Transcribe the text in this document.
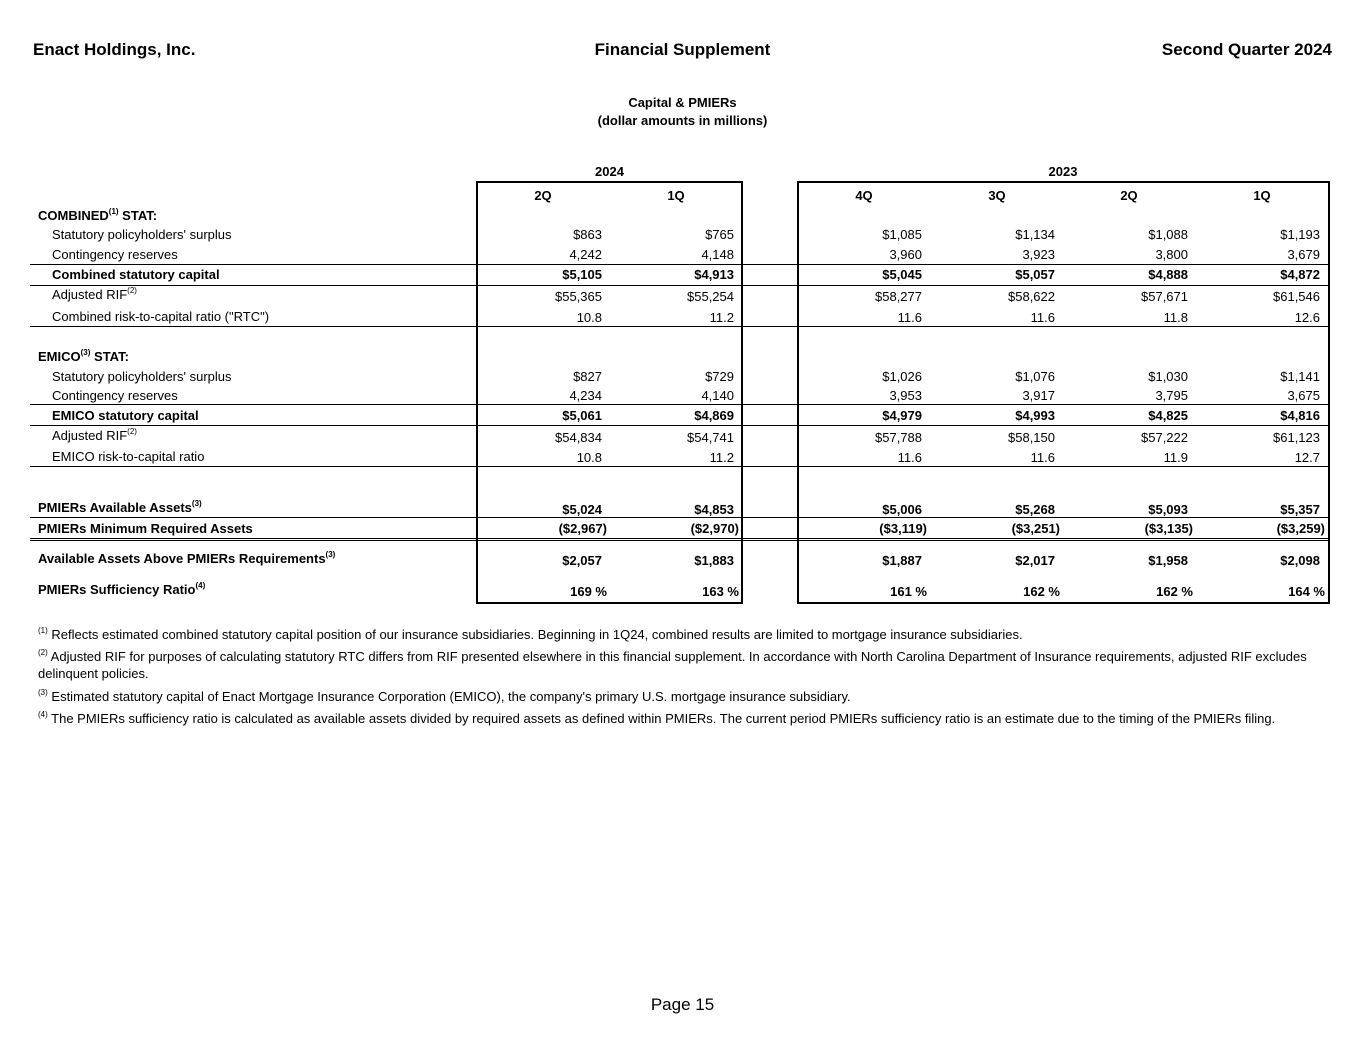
Enact Holdings, Inc.	Financial Supplement	Second Quarter 2024
Capital & PMIERs
(dollar amounts in millions)
2024	2023
2Q	1Q	4Q	3Q	2Q	1Q
COMBINED$^{(1)}$ STAT:
EMICO$^{(3)}$ STAT:
Statutory policyholders' surplus	$863	$765	$1,085	$1,134	$1,088	$1,193
Contingency reserves	4,242	4,148	3,960	3,923	3,800	3,679
Combined statutory capital	$5,105	$4,913	$5,045	$5,057	$4,888	$4,872
Adjusted RIF$^{(2)}$	$55,365	$55,254	$58,277	$58,622	$57,671	$61,546
Combined risk-to-capital ratio ("RTC")	10.8	11.2	11.6	11.6	11.8	12.6
Statutory policyholders' surplus	$827	$729	$1,026	$1,076	$1,030	$1,141
Contingency reserves	4,234	4,140	3,953	3,917	3,795	3,675
EMICO statutory capital	$5,061	$4,869	$4,979	$4,993	$4,825	$4,816
Adjusted RIF$^{(2)}$	$54,834	$54,741	$57,788	$58,150	$57,222	$61,123
EMICO risk-to-capital ratio	10.8	11.2	11.6	11.6	11.9	12.7
PMIERs Available Assets$^{(3)}$	$5,024	$4,853	$5,006	$5,268	$5,093	$5,357
PMIERs Minimum Required Assets	($2,967)	($2,970)	($3,119)	($3,251)	($3,135)	($3,259)
Available Assets Above PMIERs Requirements$^{(3)}$	$2,057	$1,883	$1,887	$2,017	$1,958	$2,098
PMIERs Sufficiency Ratio$^{(4)}$	169 %	163 %	161 %	162 %	162 %	164 %
$^{(1)}$ Reflects estimated combined statutory capital position of our insurance subsidiaries. Beginning in 1Q24, combined results are limited to mortgage insurance subsidiaries.
$^{(2)}$ Adjusted RIF for purposes of calculating statutory RTC differs from RIF presented elsewhere in this financial supplement. In accordance with North Carolina Department of Insurance requirements, adjusted RIF excludes delinquent policies.
$^{(3)}$ Estimated statutory capital of Enact Mortgage Insurance Corporation (EMICO), the company's primary U.S. mortgage insurance subsidiary.
$^{(4)}$ The PMIERs sufficiency ratio is calculated as available assets divided by required assets as defined within PMIERs. The current period PMIERs sufficiency ratio is an estimate due to the timing of the PMIERs filing.
Page 15
